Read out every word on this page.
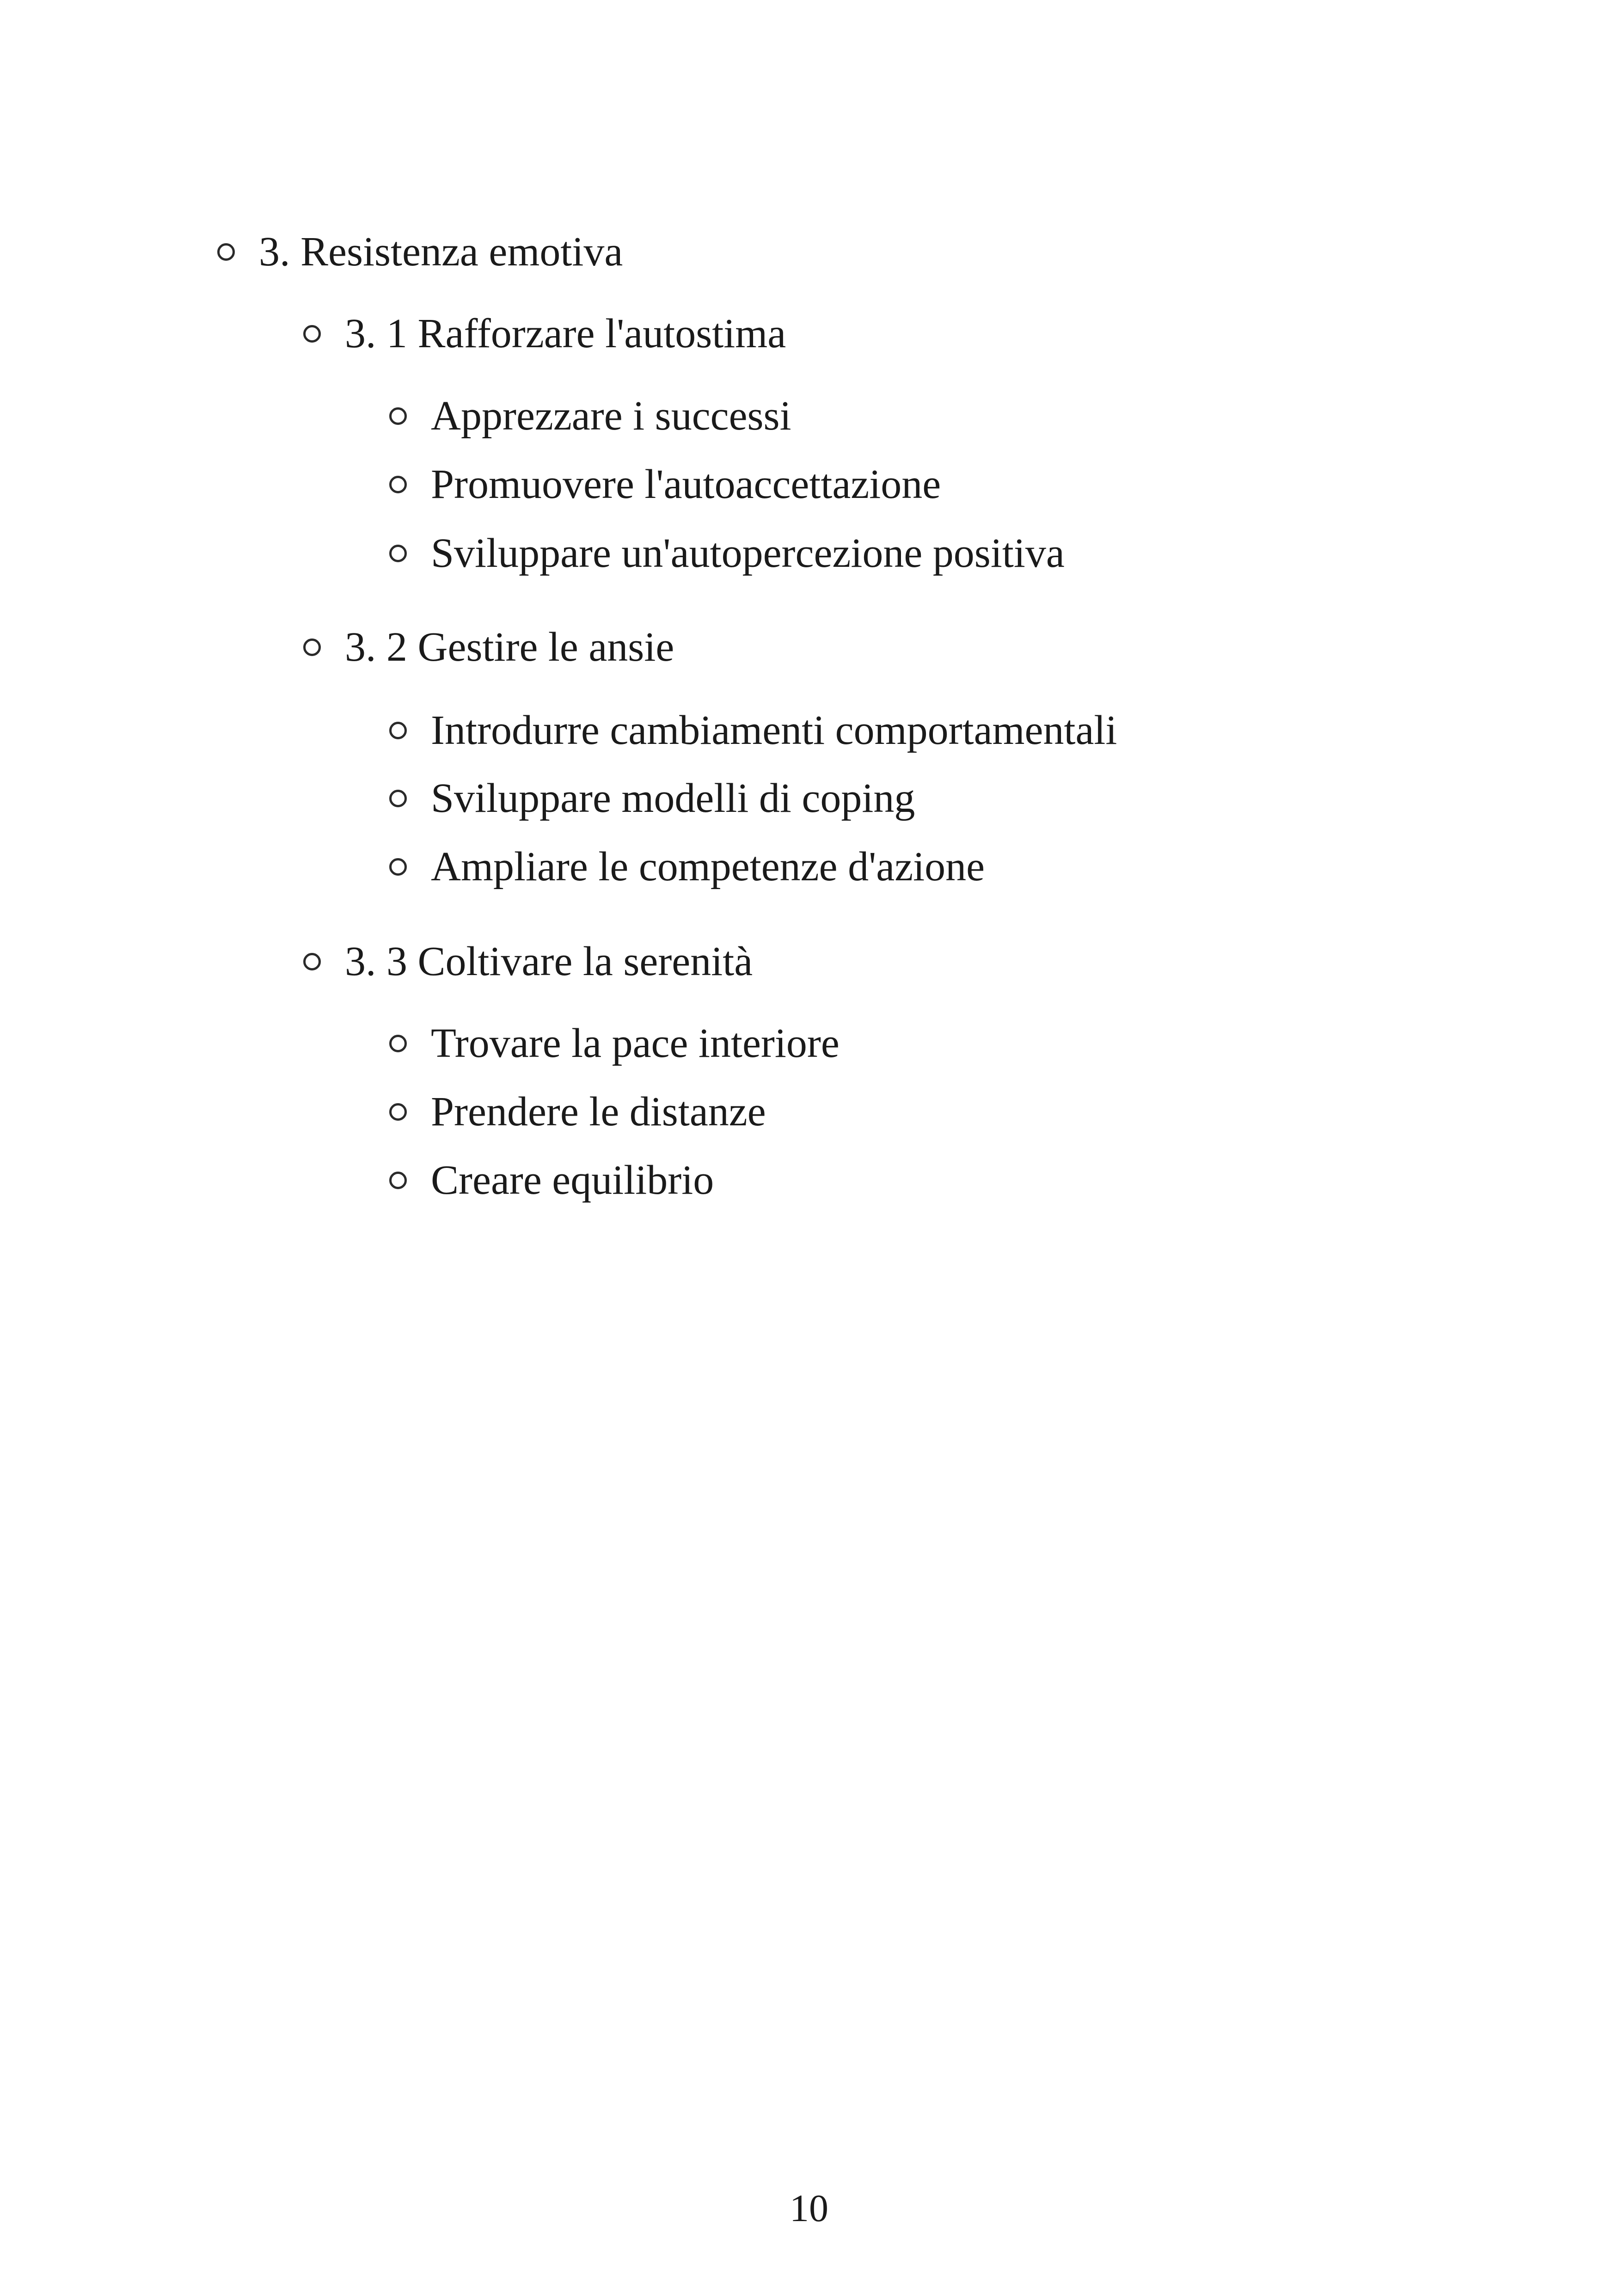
3. Resistenza emotiva
3. 1 Rafforzare l'autostima
Apprezzare i successi
Promuovere l'autoaccettazione
Sviluppare un'autopercezione positiva
3. 2 Gestire le ansie
Introdurre cambiamenti comportamentali
Sviluppare modelli di coping
Ampliare le competenze d'azione
3. 3 Coltivare la serenità
Trovare la pace interiore
Prendere le distanze
Creare equilibrio
10
